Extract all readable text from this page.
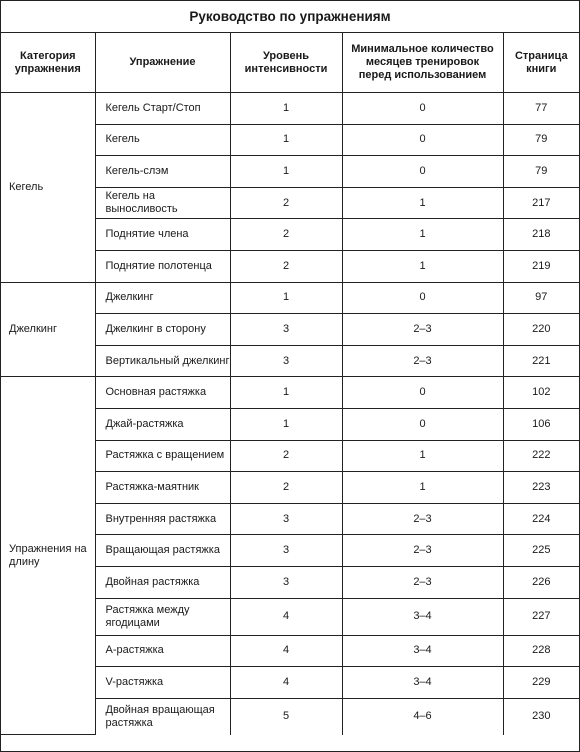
Руководство по упражнениям				
Категория упражнения	Упражнение	Уровень интенсивности	Минимальное количество месяцев тренировок перед использованием	Страница книги
Кегель	Кегель Старт/Стоп	1	0	77
	Кегель	1	0	79
	Кегель-слэм	1	0	79
	Кегель на выносливость	2	1	217
	Поднятие члена	2	1	218
	Поднятие полотенца	2	1	219
Джелкинг	Джелкинг	1	0	97
	Джелкинг в сторону	3	2–3	220
	Вертикальный джелкинг	3	2–3	221
Упражнения на длину	Основная растяжка	1	0	102
	Джай-растяжка	1	0	106
	Растяжка с вращением	2	1	222
	Растяжка-маятник	2	1	223
	Внутренняя растяжка	3	2–3	224
	Вращающая растяжка	3	2–3	225
	Двойная растяжка	3	2–3	226
	Растяжка между ягодицами	4	3–4	227
	A-растяжка	4	3–4	228
	V-растяжка	4	3–4	229
	Двойная вращающая растяжка	5	4–6	230
